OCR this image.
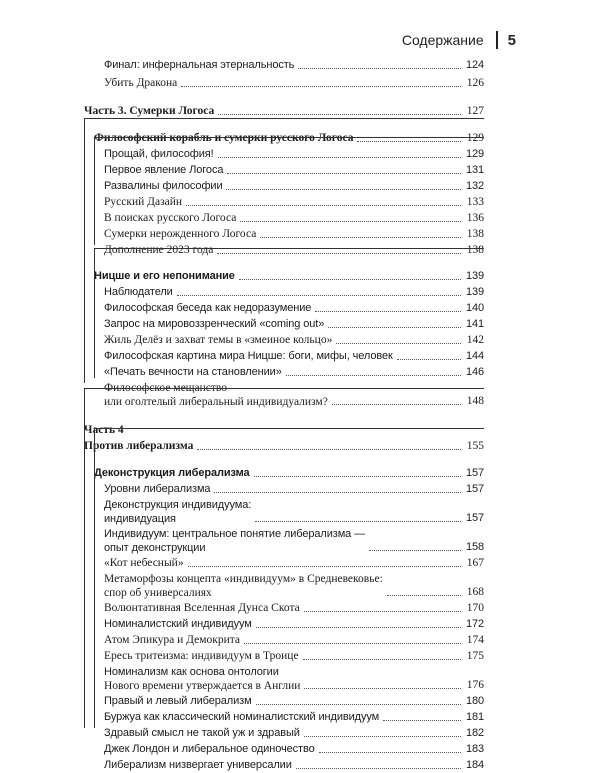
Содержание 5
Финал: инфернальная этернальность	124
Убить Дракона	126
Часть 3. Сумерки Логоса	127
Философский корабль и сумерки русского Логоса	129
Прощай, философия!	129
Первое явление Логоса	131
Развалины философии	132
Русский Дазайн	133
В поисках русского Логоса	136
Сумерки нерожденного Логоса	138
Дополнение 2023 года	138
Ницше и его непонимание	139
Наблюдатели	139
Философская беседа как недоразумение	140
Запрос на мировоззренческий «coming out»	141
Жиль Делёз и захват темы в «змеиное кольцо»	142
Философская картина мира Ницше: боги, мифы, человек	144
«Печать вечности на становлении»	146
Философское мещанство
или оголтелый либеральный индивидуализм?	148
Часть 4
Против либерализма	155
Деконструкция либерализма	157
Уровни либерализма	157
Деконструкция индивидуума:
индивидуация	157
Индивидуум: центральное понятие либерализма —
опыт деконструкции	158
«Кот небесный»	167
Метаморфозы концепта «индивидуум» в Средневековье:
спор об универсалиях	168
Волюнтативная Вселенная Дунса Скота	170
Номиналистский индивидуум	172
Атом Эпикура и Демокрита	174
Ересь тритеизма: индивидуум в Троице	175
Номинализм как основа онтологии
Нового времени утверждается в Англии	176
Правый и левый либерализм	180
Буржуа как классический номиналистский индивидуум	181
Здравый смысл не такой уж и здравый	182
Джек Лондон и либеральное одиночество	183
Либерализм низвергает универсалии	184
